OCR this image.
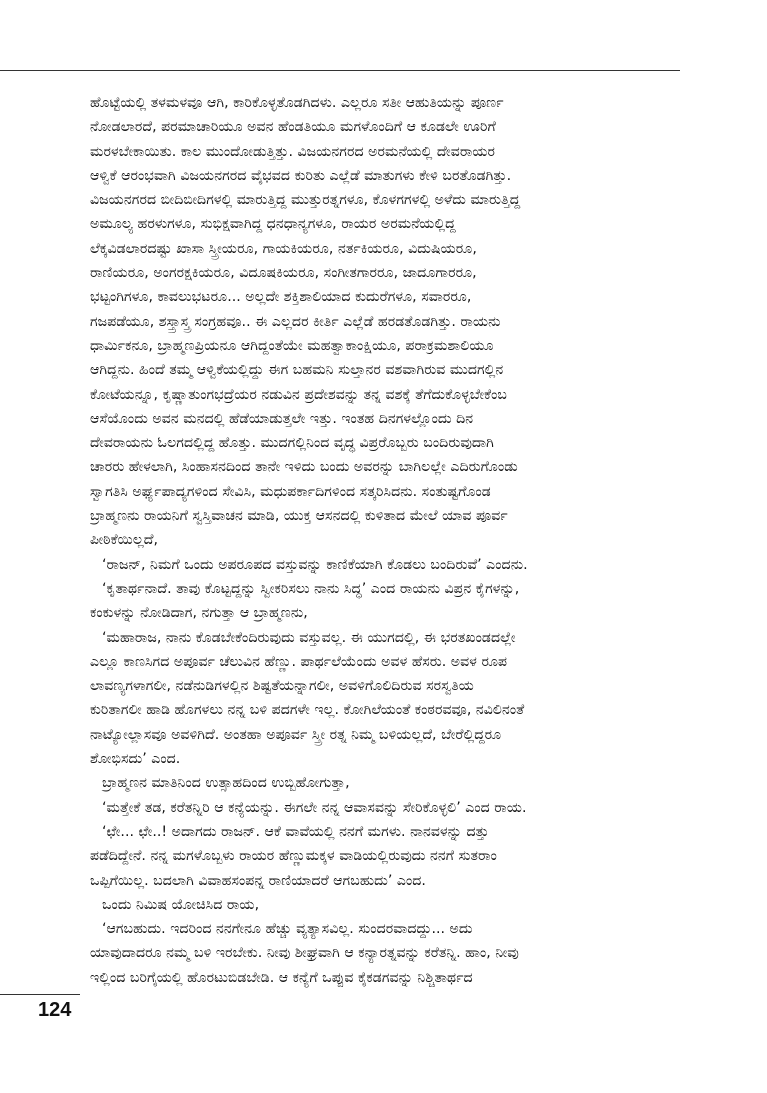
ಹೊಟ್ಟೆಯಲ್ಲಿ ತಳಮಳವೂ ಆಗಿ, ಕಾರಿಕೊಳ್ಳತೊಡಗಿದಳು. ಎಲ್ಲರೂ ಸತೀ ಆಹುತಿಯನ್ನು ಪೂರ್ಣ
ನೋಡಲಾರದೆ, ಪರಮಾಚಾರಿಯೂ ಅವನ ಹೆಂಡತಿಯೂ ಮಗಳೊಂದಿಗೆ ಆ ಕೂಡಲೇ ಊರಿಗೆ
ಮರಳಬೇಕಾಯಿತು. ಕಾಲ ಮುಂದೋಡುತ್ತಿತ್ತು. ವಿಜಯನಗರದ ಅರಮನೆಯಲ್ಲಿ ದೇವರಾಯರ
ಆಳ್ವಿಕೆ ಆರಂಭವಾಗಿ ವಿಜಯನಗರದ ವೈಭವದ ಕುರಿತು ಎಲ್ಲೆಡೆ ಮಾತುಗಳು ಕೇಳಿ ಬರತೊಡಗಿತ್ತು.
ವಿಜಯನಗರದ ಬೀದಿಬೀದಿಗಳಲ್ಲಿ ಮಾರುತ್ತಿದ್ದ ಮುತ್ತುರತ್ನಗಳೂ, ಕೊಳಗಗಳಲ್ಲಿ ಅಳೆದು ಮಾರುತ್ತಿದ್ದ
ಅಮೂಲ್ಯ ಹರಳುಗಳೂ, ಸುಭಿಕ್ಷವಾಗಿದ್ದ ಧನಧಾನ್ಯಗಳೂ, ರಾಯರ ಅರಮನೆಯಲ್ಲಿದ್ದ
ಲೆಕ್ಕವಿಡಲಾರದಷ್ಟು ಖಾಸಾ ಸ್ತ್ರೀಯರೂ, ಗಾಯಕಿಯರೂ, ನರ್ತಕಿಯರೂ, ವಿದುಷಿಯರೂ,
ರಾಣಿಯರೂ, ಅಂಗರಕ್ಷಕಿಯರೂ, ವಿದೂಷಕಿಯರೂ, ಸಂಗೀತಗಾರರೂ, ಜಾದೂಗಾರರೂ,
ಭಟ್ಟಂಗಿಗಳೂ, ಕಾವಲುಭಟರೂ... ಅಲ್ಲದೇ ಶಕ್ತಿಶಾಲಿಯಾದ ಕುದುರೆಗಳೂ, ಸವಾರರೂ,
ಗಜಪಡೆಯೂ, ಶಸ್ತ್ರಾಸ್ತ್ರ ಸಂಗ್ರಹವೂ.. ಈ ಎಲ್ಲದರ ಕೀರ್ತಿ ಎಲ್ಲೆಡೆ ಹರಡತೊಡಗಿತ್ತು. ರಾಯನು
ಧಾರ್ಮಿಕನೂ, ಬ್ರಾಹ್ಮಣಪ್ರಿಯನೂ ಆಗಿದ್ದಂತೆಯೇ ಮಹತ್ವಾಕಾಂಕ್ಷಿಯೂ, ಪರಾಕ್ರಮಶಾಲಿಯೂ
ಆಗಿದ್ದನು. ಹಿಂದೆ ತಮ್ಮ ಆಳ್ವಿಕೆಯಲ್ಲಿದ್ದು ಈಗ ಬಹಮನಿ ಸುಲ್ತಾನರ ವಶವಾಗಿರುವ ಮುದಗಲ್ಲಿನ
ಕೋಟೆಯನ್ನೂ, ಕೃಷ್ಣಾತುಂಗಭದ್ರೆಯರ ನಡುವಿನ ಪ್ರದೇಶವನ್ನು ತನ್ನ ವಶಕ್ಕೆ ತೆಗೆದುಕೊಳ್ಳಬೇಕೆಂಬ
ಆಸೆಯೊಂದು ಅವನ ಮನದಲ್ಲಿ ಹೆಡೆಯಾಡುತ್ತಲೇ ಇತ್ತು. ಇಂತಹ ದಿನಗಳಲ್ಲೊಂದು ದಿನ
ದೇವರಾಯನು ಓಲಗದಲ್ಲಿದ್ದ ಹೊತ್ತು. ಮುದಗಲ್ಲಿನಿಂದ ವೃದ್ಧ ವಿಪ್ರರೊಬ್ಬರು ಬಂದಿರುವುದಾಗಿ
ಚಾರರು ಹೇಳಲಾಗಿ, ಸಿಂಹಾಸನದಿಂದ ತಾನೇ ಇಳಿದು ಬಂದು ಅವರನ್ನು ಬಾಗಿಲಲ್ಲೇ ಎದಿರುಗೊಂಡು
ಸ್ವಾಗತಿಸಿ ಅರ್ಘ್ಯಪಾದ್ಯಗಳಿಂದ ಸೇವಿಸಿ, ಮಧುಪರ್ಕಾದಿಗಳಿಂದ ಸತ್ಕರಿಸಿದನು. ಸಂತುಷ್ಟಗೊಂಡ
ಬ್ರಾಹ್ಮಣನು ರಾಯನಿಗೆ ಸ್ವಸ್ತಿವಾಚನ ಮಾಡಿ, ಯುಕ್ತ ಆಸನದಲ್ಲಿ ಕುಳಿತಾದ ಮೇಲೆ ಯಾವ ಪೂರ್ವ
ಪೀಠಿಕೆಯಿಲ್ಲದೆ,
‘ರಾಜನ್, ನಿಮಗೆ ಒಂದು ಅಪರೂಪದ ವಸ್ತುವನ್ನು ಕಾಣಿಕೆಯಾಗಿ ಕೊಡಲು ಬಂದಿರುವೆ’ ಎಂದನು.
‘ಕೃತಾರ್ಥನಾದೆ. ತಾವು ಕೊಟ್ಟದ್ದನ್ನು ಸ್ವೀಕರಿಸಲು ನಾನು ಸಿದ್ಧ’ ಎಂದ ರಾಯನು ವಿಪ್ರನ ಕೈಗಳನ್ನು,
ಕಂಕುಳನ್ನು ನೋಡಿದಾಗ, ನಗುತ್ತಾ ಆ ಬ್ರಾಹ್ಮಣನು,
‘ಮಹಾರಾಜ, ನಾನು ಕೊಡಬೇಕೆಂದಿರುವುದು ವಸ್ತುವಲ್ಲ. ಈ ಯುಗದಲ್ಲಿ, ಈ ಭರತಖಂಡದಲ್ಲೇ
ಎಲ್ಲೂ ಕಾಣಸಿಗದ ಅಪೂರ್ವ ಚೆಲುವಿನ ಹೆಣ್ಣು. ಪಾರ್ಥಲೆಯೆಂದು ಅವಳ ಹೆಸರು. ಅವಳ ರೂಪ
ಲಾವಣ್ಯಗಳಾಗಲೀ, ನಡೆನುಡಿಗಳಲ್ಲಿನ ಶಿಷ್ಟತೆಯನ್ನಾಗಲೀ, ಅವಳಿಗೊಲಿದಿರುವ ಸರಸ್ವತಿಯ
ಕುರಿತಾಗಲೀ ಹಾಡಿ ಹೊಗಳಲು ನನ್ನ ಬಳಿ ಪದಗಳೇ ಇಲ್ಲ. ಕೋಗಿಲೆಯಂತೆ ಕಂಠರವವೂ, ನವಿಲಿನಂತೆ
ನಾಟ್ಯೋಲ್ಲಾಸವೂ ಅವಳಿಗಿದೆ. ಅಂತಹಾ ಅಪೂರ್ವ ಸ್ತ್ರೀ ರತ್ನ ನಿಮ್ಮ ಬಳಿಯಲ್ಲದೆ, ಬೇರೆಲ್ಲಿದ್ದರೂ
ಶೋಭಿಸದು’ ಎಂದ.
ಬ್ರಾಹ್ಮಣನ ಮಾತಿನಿಂದ ಉತ್ಸಾಹದಿಂದ ಉಬ್ಬಿಹೋಗುತ್ತಾ,
‘ಮತ್ತೇಕೆ ತಡ, ಕರೆತನ್ನಿರಿ ಆ ಕನ್ಯೆಯನ್ನು. ಈಗಲೇ ನನ್ನ ಆವಾಸವನ್ನು ಸೇರಿಕೊಳ್ಳಲಿ’ ಎಂದ ರಾಯ.
‘ಛೇ... ಛೇ..! ಅದಾಗದು ರಾಜನ್. ಆಕೆ ವಾವೆಯಲ್ಲಿ ನನಗೆ ಮಗಳು. ನಾನವಳನ್ನು ದತ್ತು
ಪಡೆದಿದ್ದೇನೆ. ನನ್ನ ಮಗಳೊಬ್ಬಳು ರಾಯರ ಹೆಣ್ಣುಮಕ್ಕಳ ವಾಡಿಯಲ್ಲಿರುವುದು ನನಗೆ ಸುತರಾಂ
ಒಪ್ಪಿಗೆಯಿಲ್ಲ. ಬದಲಾಗಿ ವಿವಾಹಸಂಪನ್ನ ರಾಣಿಯಾದರೆ ಆಗಬಹುದು’ ಎಂದ.
ಒಂದು ನಿಮಿಷ ಯೋಚಿಸಿದ ರಾಯ,
‘ಆಗಬಹುದು. ಇದರಿಂದ ನನಗೇನೂ ಹೆಚ್ಚು ವ್ಯತ್ಯಾಸವಿಲ್ಲ. ಸುಂದರವಾದದ್ದು... ಅದು
ಯಾವುದಾದರೂ ನಮ್ಮ ಬಳಿ ಇರಬೇಕು. ನೀವು ಶೀಘ್ರವಾಗಿ ಆ ಕನ್ಯಾರತ್ನವನ್ನು ಕರೆತನ್ನಿ. ಹಾಂ, ನೀವು
ಇಲ್ಲಿಂದ ಬರಿಗೈಯಲ್ಲಿ ಹೊರಟುಬಿಡಬೇಡಿ. ಆ ಕನ್ಯೆಗೆ ಒಪ್ಪುವ ಕೈಕಡಗವನ್ನು ನಿಶ್ಚಿತಾರ್ಥದ
124
